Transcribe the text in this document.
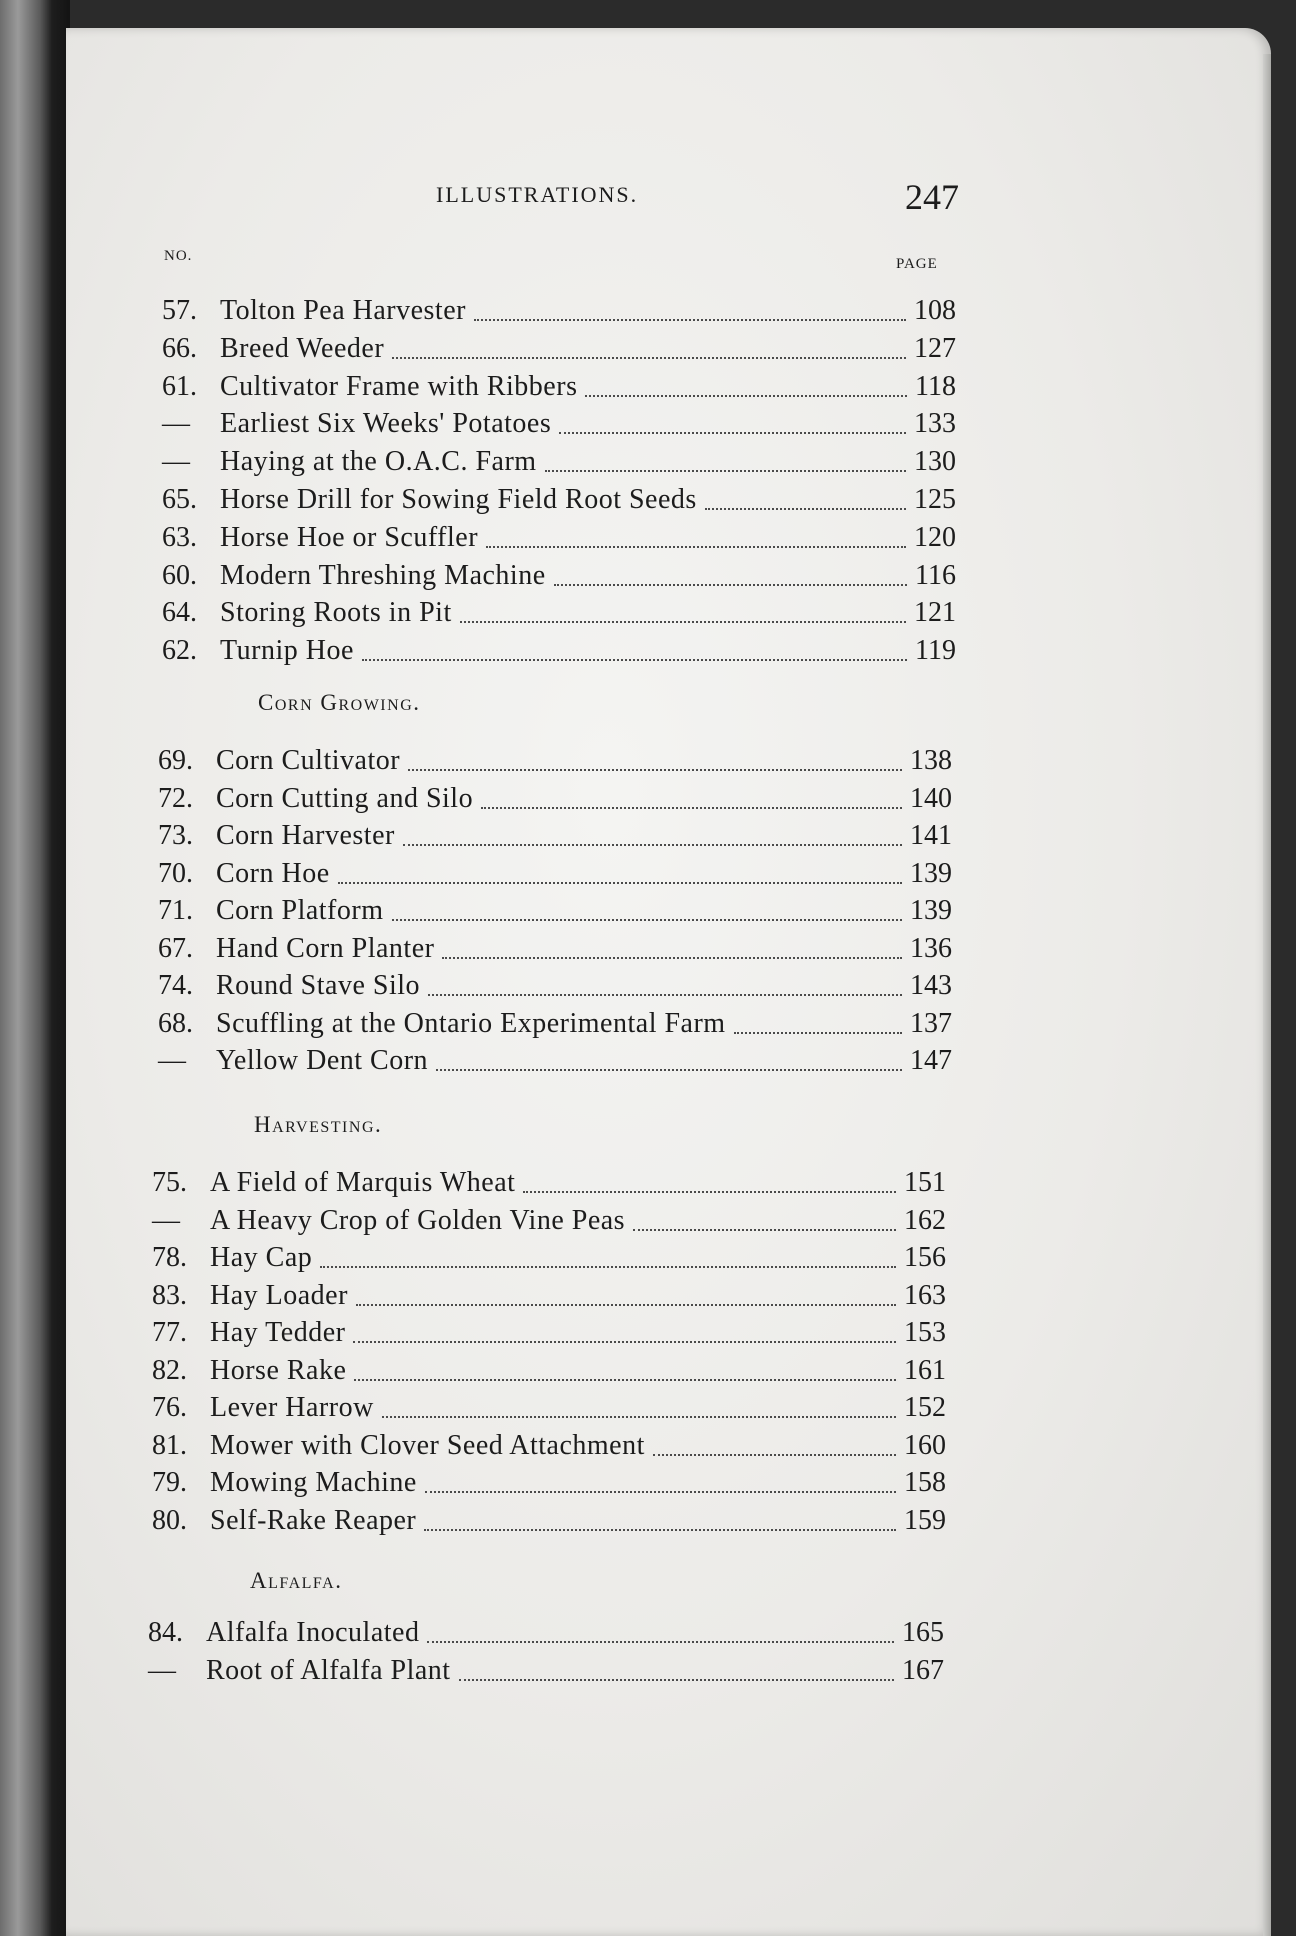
ILLUSTRATIONS.	247
NO.	PAGE
57. Tolton Pea Harvester	108
66. Breed Weeder	127
61. Cultivator Frame with Ribbers	118
—	Earliest Six Weeks' Potatoes	133
—	Haying at the O.A.C. Farm	130
65. Horse Drill for Sowing Field Root Seeds	125
63. Horse Hoe or Scuffler	120
60. Modern Threshing Machine	116
64. Storing Roots in Pit	121
62. Turnip Hoe	119
Corn Growing.
69. Corn Cultivator	138
72. Corn Cutting and Silo	140
73. Corn Harvester	141
70. Corn Hoe	139
71. Corn Platform	139
67. Hand Corn Planter	136
74. Round Stave Silo	143
68. Scuffling at the Ontario Experimental Farm	137
—	Yellow Dent Corn	147
Harvesting.
75. A Field of Marquis Wheat	151
—	A Heavy Crop of Golden Vine Peas	162
78. Hay Cap	156
83. Hay Loader	163
77. Hay Tedder	153
82. Horse Rake	161
76. Lever Harrow	152
81. Mower with Clover Seed Attachment	160
79. Mowing Machine	158
80. Self-Rake Reaper	159
Alfalfa.
84. Alfalfa Inoculated	165
—	Root of Alfalfa Plant	167
